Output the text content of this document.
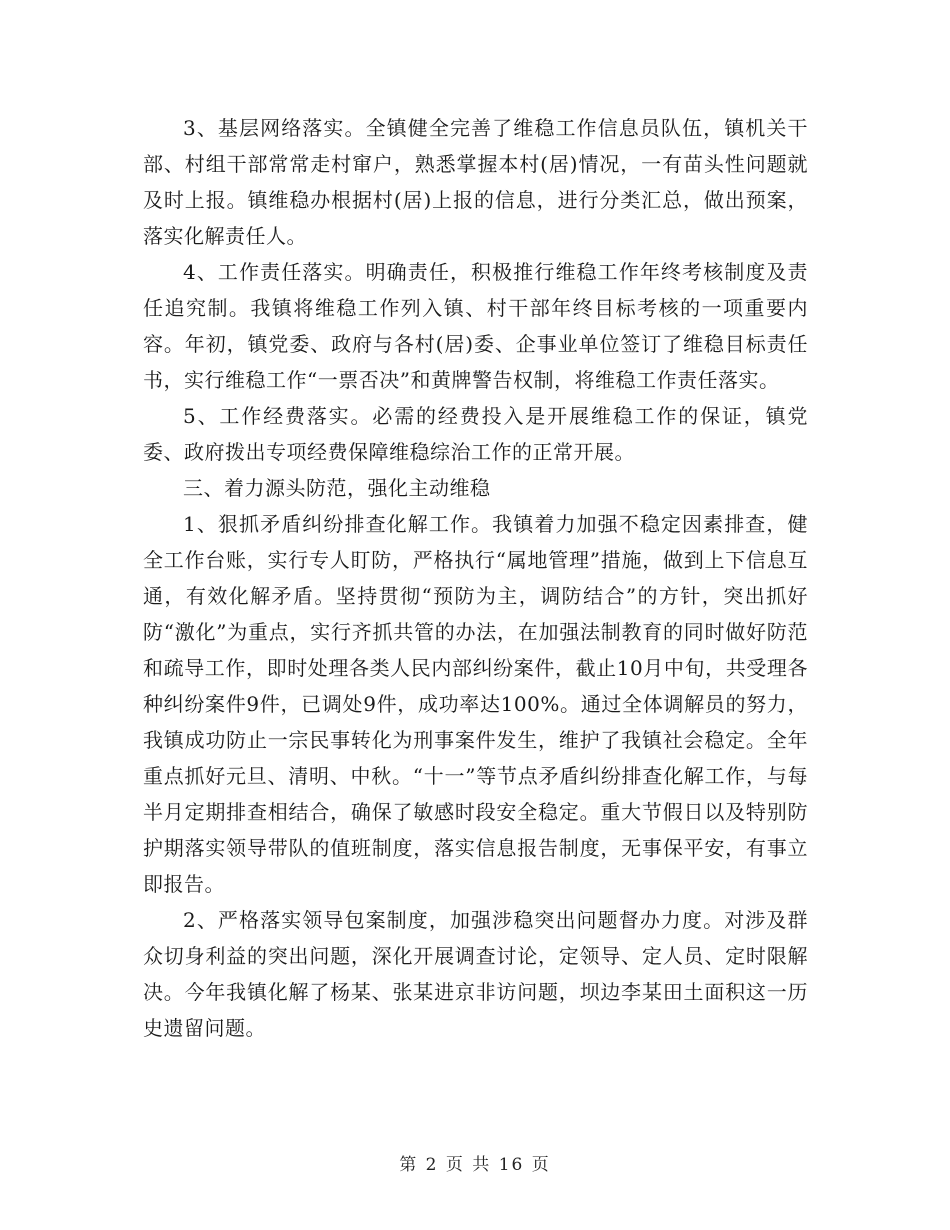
3、基层网络落实。全镇健全完善了维稳工作信息员队伍，镇机关干部、村组干部常常走村窜户，熟悉掌握本村(居)情况，一有苗头性问题就及时上报。镇维稳办根据村(居)上报的信息，进行分类汇总，做出预案，落实化解责任人。

4、工作责任落实。明确责任，积极推行维稳工作年终考核制度及责任追究制。我镇将维稳工作列入镇、村干部年终目标考核的一项重要内容。年初，镇党委、政府与各村(居)委、企事业单位签订了维稳目标责任书，实行维稳工作“一票否决”和黄牌警告权制，将维稳工作责任落实。

5、工作经费落实。必需的经费投入是开展维稳工作的保证，镇党委、政府拨出专项经费保障维稳综治工作的正常开展。

三、着力源头防范，强化主动维稳

1、狠抓矛盾纠纷排查化解工作。我镇着力加强不稳定因素排查，健全工作台账，实行专人盯防，严格执行“属地管理”措施，做到上下信息互通，有效化解矛盾。坚持贯彻“预防为主，调防结合”的方针，突出抓好防“激化”为重点，实行齐抓共管的办法，在加强法制教育的同时做好防范和疏导工作，即时处理各类人民内部纠纷案件，截止10月中旬，共受理各种纠纷案件9件，已调处9件，成功率达100%。通过全体调解员的努力，我镇成功防止一宗民事转化为刑事案件发生，维护了我镇社会稳定。全年重点抓好元旦、清明、中秋。“十一”等节点矛盾纠纷排查化解工作，与每半月定期排查相结合，确保了敏感时段安全稳定。重大节假日以及特别防护期落实领导带队的值班制度，落实信息报告制度，无事保平安，有事立即报告。

2、严格落实领导包案制度，加强涉稳突出问题督办力度。对涉及群众切身利益的突出问题，深化开展调查讨论，定领导、定人员、定时限解决。今年我镇化解了杨某、张某进京非访问题，坝边李某田土面积这一历史遗留问题。

第 2 页 共 16 页
